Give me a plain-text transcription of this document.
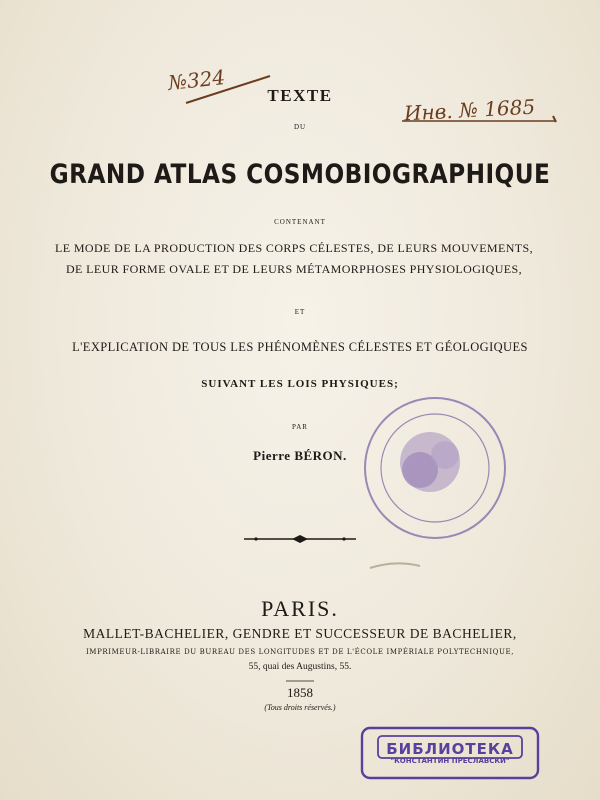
№324
Инв. № 1685
TEXTE
DU
GRAND ATLAS COSMOBIOGRAPHIQUE
CONTENANT
LE MODE DE LA PRODUCTION DES CORPS CÉLESTES, DE LEURS MOUVEMENTS,
DE LEUR FORME OVALE ET DE LEURS MÉTAMORPHOSES PHYSIOLOGIQUES,
ET
L'EXPLICATION DE TOUS LES PHÉNOMÈNES CÉLESTES ET GÉOLOGIQUES
SUIVANT LES LOIS PHYSIQUES;
PAR
Pierre BÉRON.
PARIS.
MALLET-BACHELIER, GENDRE ET SUCCESSEUR DE BACHELIER,
IMPRIMEUR-LIBRAIRE DU BUREAU DES LONGITUDES ET DE L'ÉCOLE IMPÉRIALE POLYTECHNIQUE,
55, quai des Augustins, 55.
1858
(Tous droits réservés.)
БИБЛИОТЕКА
"КОНСТАНТИН ПРЕСЛАВСКИ"
